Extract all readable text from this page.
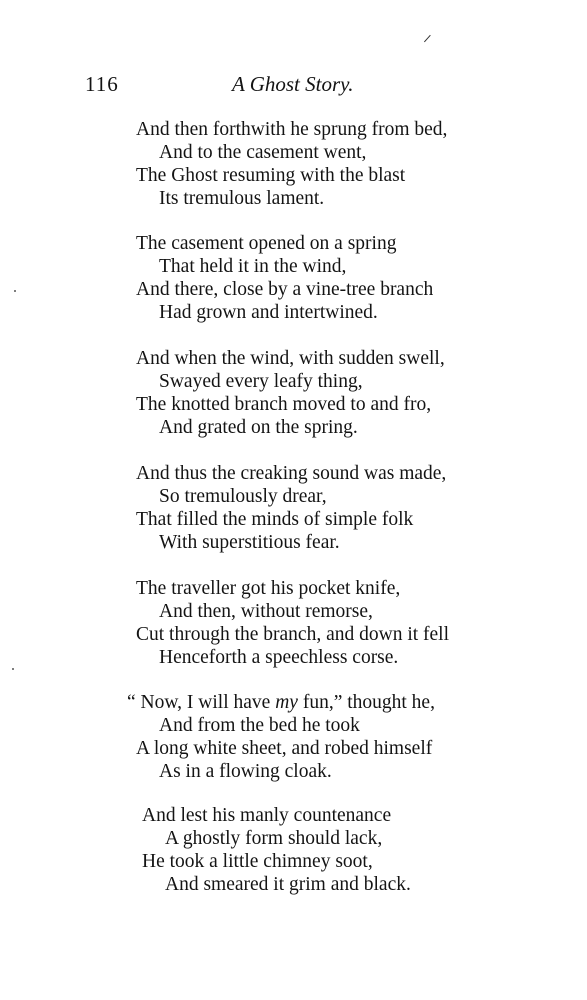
116	A Ghost Story.
And then forthwith he sprung from bed,
And to the casement went,
The Ghost resuming with the blast
Its tremulous lament.
The casement opened on a spring
That held it in the wind,
And there, close by a vine-tree branch
Had grown and intertwined.
And when the wind, with sudden swell,
Swayed every leafy thing,
The knotted branch moved to and fro,
And grated on the spring.
And thus the creaking sound was made,
So tremulously drear,
That filled the minds of simple folk
With superstitious fear.
The traveller got his pocket knife,
And then, without remorse,
Cut through the branch, and down it fell
Henceforth a speechless corse.
“ Now, I will have my fun,” thought he,
And from the bed he took
A long white sheet, and robed himself
As in a flowing cloak.
And lest his manly countenance
A ghostly form should lack,
He took a little chimney soot,
And smeared it grim and black.
